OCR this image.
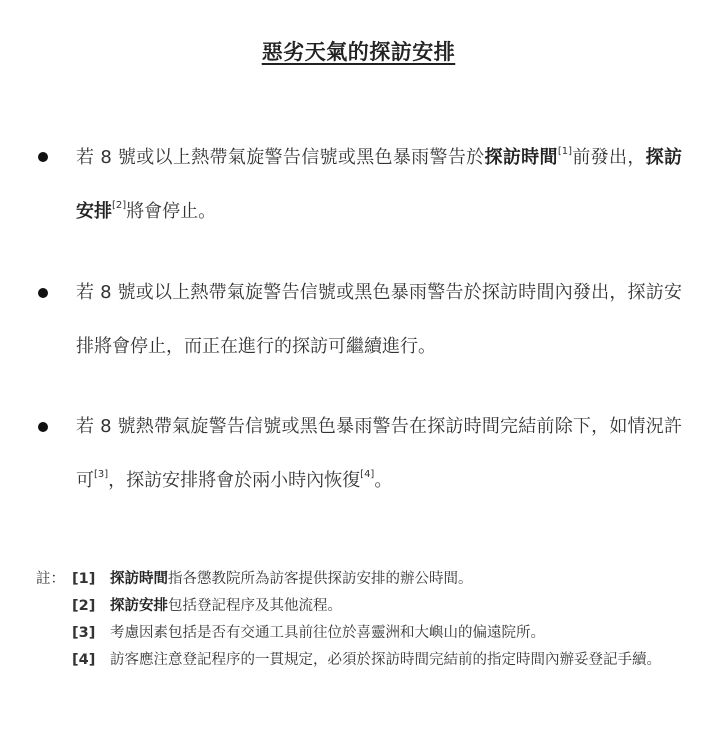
惡劣天氣的探訪安排
若 8 號或以上熱帶氣旋警告信號或黑色暴雨警告於探訪時間[1]前發出，探訪安排[2]將會停止。
若 8 號或以上熱帶氣旋警告信號或黑色暴雨警告於探訪時間內發出，探訪安排將會停止，而正在進行的探訪可繼續進行。
若 8 號熱帶氣旋警告信號或黑色暴雨警告在探訪時間完結前除下，如情況許可[3]，探訪安排將會於兩小時內恢復[4]。
註： [1]	探訪時間指各懲教院所為訪客提供探訪安排的辦公時間。
[2]	探訪安排包括登記程序及其他流程。
[3]	考慮因素包括是否有交通工具前往位於喜靈洲和大嶼山的偏遠院所。
[4]	訪客應注意登記程序的一貫規定，必須於探訪時間完結前的指定時間內辦妥登記手續。
